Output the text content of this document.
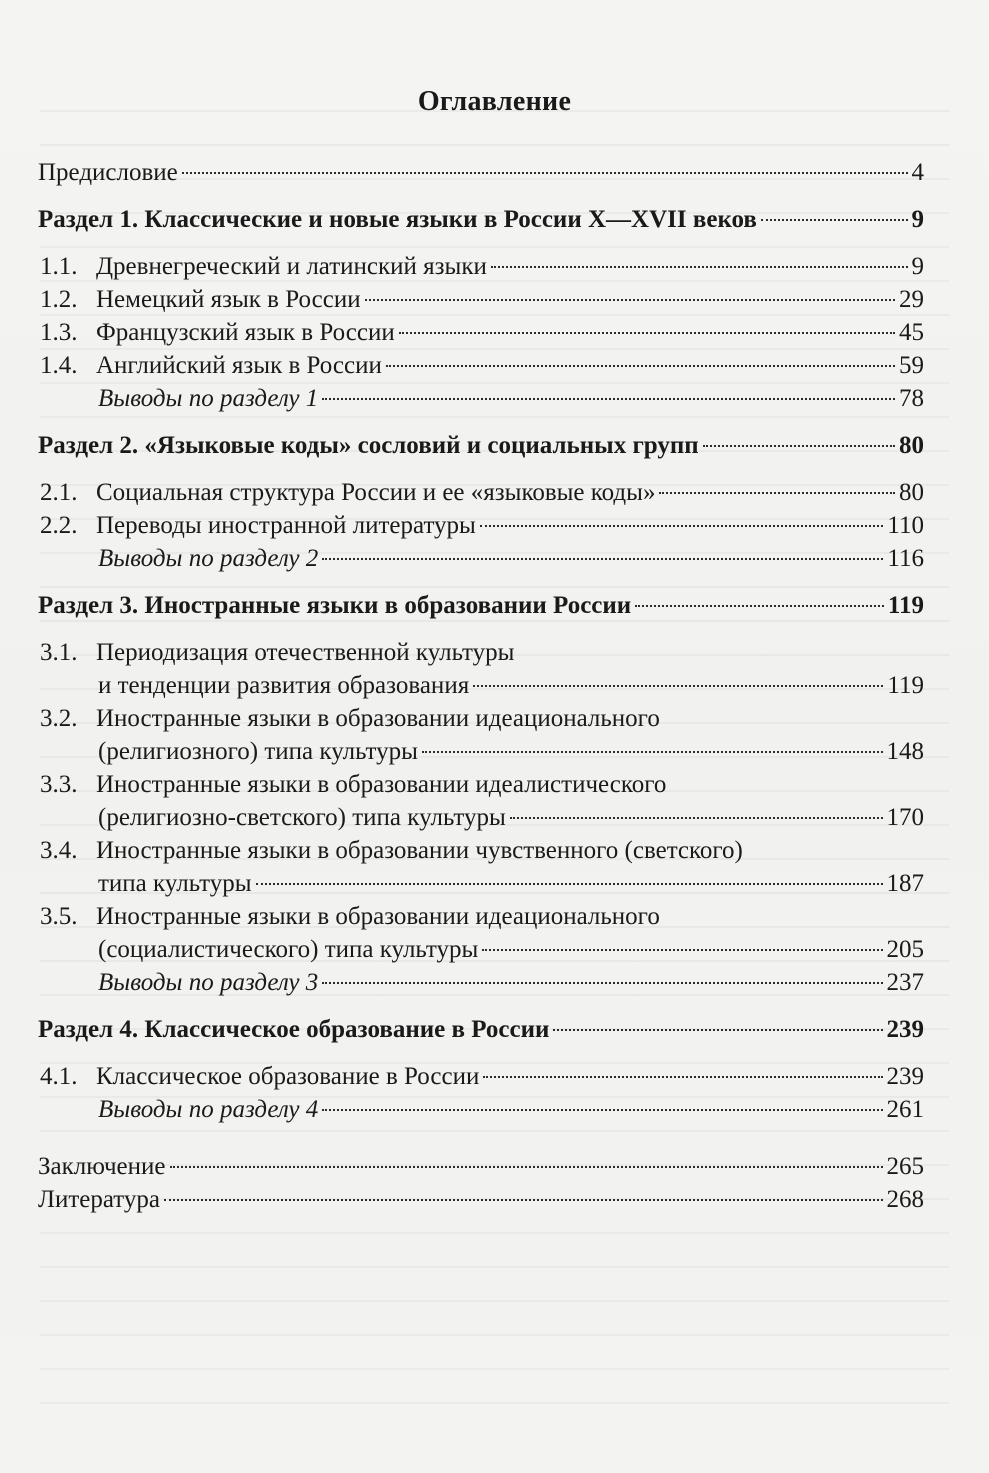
Оглавление
Предисловие	4
Раздел 1. Классические и новые языки в России X—XVII веков	9
1.1. Древнегреческий и латинский языки	9
1.2. Немецкий язык в России	29
1.3. Французский язык в России	45
1.4. Английский язык в России	59
Выводы по разделу 1	78
Раздел 2. «Языковые коды» сословий и социальных групп	80
2.1. Социальная структура России и ее «языковые коды»	80
2.2. Переводы иностранной литературы	110
Выводы по разделу 2	116
Раздел 3. Иностранные языки в образовании России	119
3.1. Периодизация отечественной культуры
и тенденции развития образования	119
3.2. Иностранные языки в образовании идеационального
(религиозного) типа культуры	148
3.3. Иностранные языки в образовании идеалистического
(религиозно-светского) типа культуры	170
3.4. Иностранные языки в образовании чувственного (светского)
типа культуры	187
3.5. Иностранные языки в образовании идеационального
(социалистического) типа культуры	205
Выводы по разделу 3	237
Раздел 4. Классическое образование в России	239
4.1. Классическое образование в России	239
Выводы по разделу 4	261
Заключение	265
Литература	268
